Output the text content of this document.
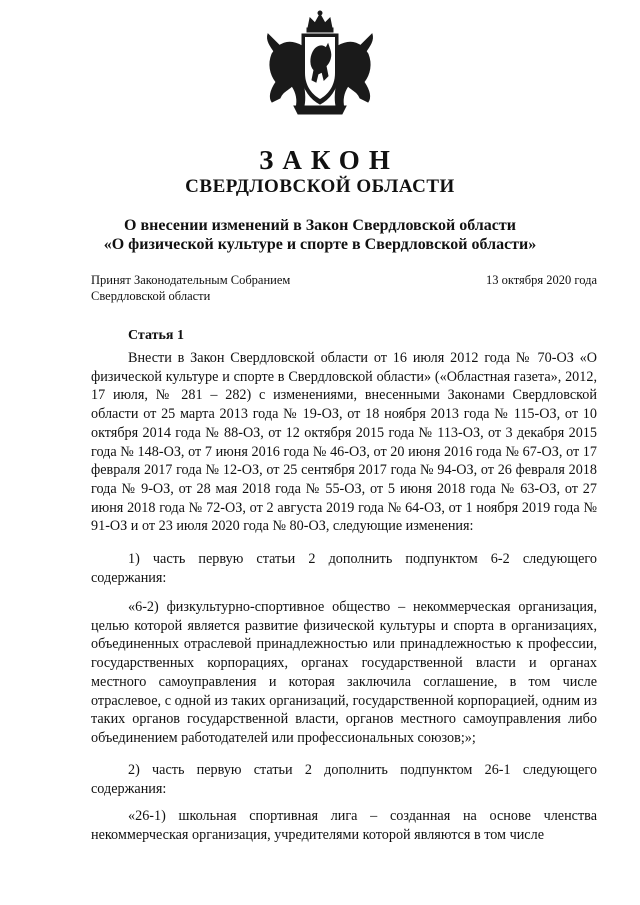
ЗАКОН
СВЕРДЛОВСКОЙ ОБЛАСТИ
О внесении изменений в Закон Свердловской области
«О физической культуре и спорте в Свердловской области»
Принят Законодательным Собранием
Свердловской области
13 октября 2020 года
Статья 1

Внести в Закон Свердловской области от 16 июля 2012 года № 70-ОЗ «О физической культуре и спорте в Свердловской области» («Областная газета», 2012, 17 июля, № 281 – 282) с изменениями, внесенными Законами Свердловской области от 25 марта 2013 года № 19-ОЗ, от 18 ноября 2013 года № 115-ОЗ, от 10 октября 2014 года № 88-ОЗ, от 12 октября 2015 года № 113-ОЗ, от 3 декабря 2015 года № 148-ОЗ, от 7 июня 2016 года № 46-ОЗ, от 20 июня 2016 года № 67-ОЗ, от 17 февраля 2017 года № 12-ОЗ, от 25 сентября 2017 года № 94-ОЗ, от 26 февраля 2018 года № 9-ОЗ, от 28 мая 2018 года № 55-ОЗ, от 5 июня 2018 года № 63-ОЗ, от 27 июня 2018 года № 72-ОЗ, от 2 августа 2019 года № 64-ОЗ, от 1 ноября 2019 года № 91-ОЗ и от 23 июля 2020 года № 80-ОЗ, следующие изменения:

1) часть первую статьи 2 дополнить подпунктом 6-2 следующего содержания:

«6-2) физкультурно-спортивное общество – некоммерческая организация, целью которой является развитие физической культуры и спорта в организациях, объединенных отраслевой принадлежностью или принадлежностью к профессии, государственных корпорациях, органах государственной власти и органах местного самоуправления и которая заключила соглашение, в том числе отраслевое, с одной из таких организаций, государственной корпорацией, одним из таких органов государственной власти, органов местного самоуправления либо объединением работодателей или профессиональных союзов;»;

2) часть первую статьи 2 дополнить подпунктом 26-1 следующего содержания:

«26-1) школьная спортивная лига – созданная на основе членства некоммерческая организация, учредителями которой являются в том числе
